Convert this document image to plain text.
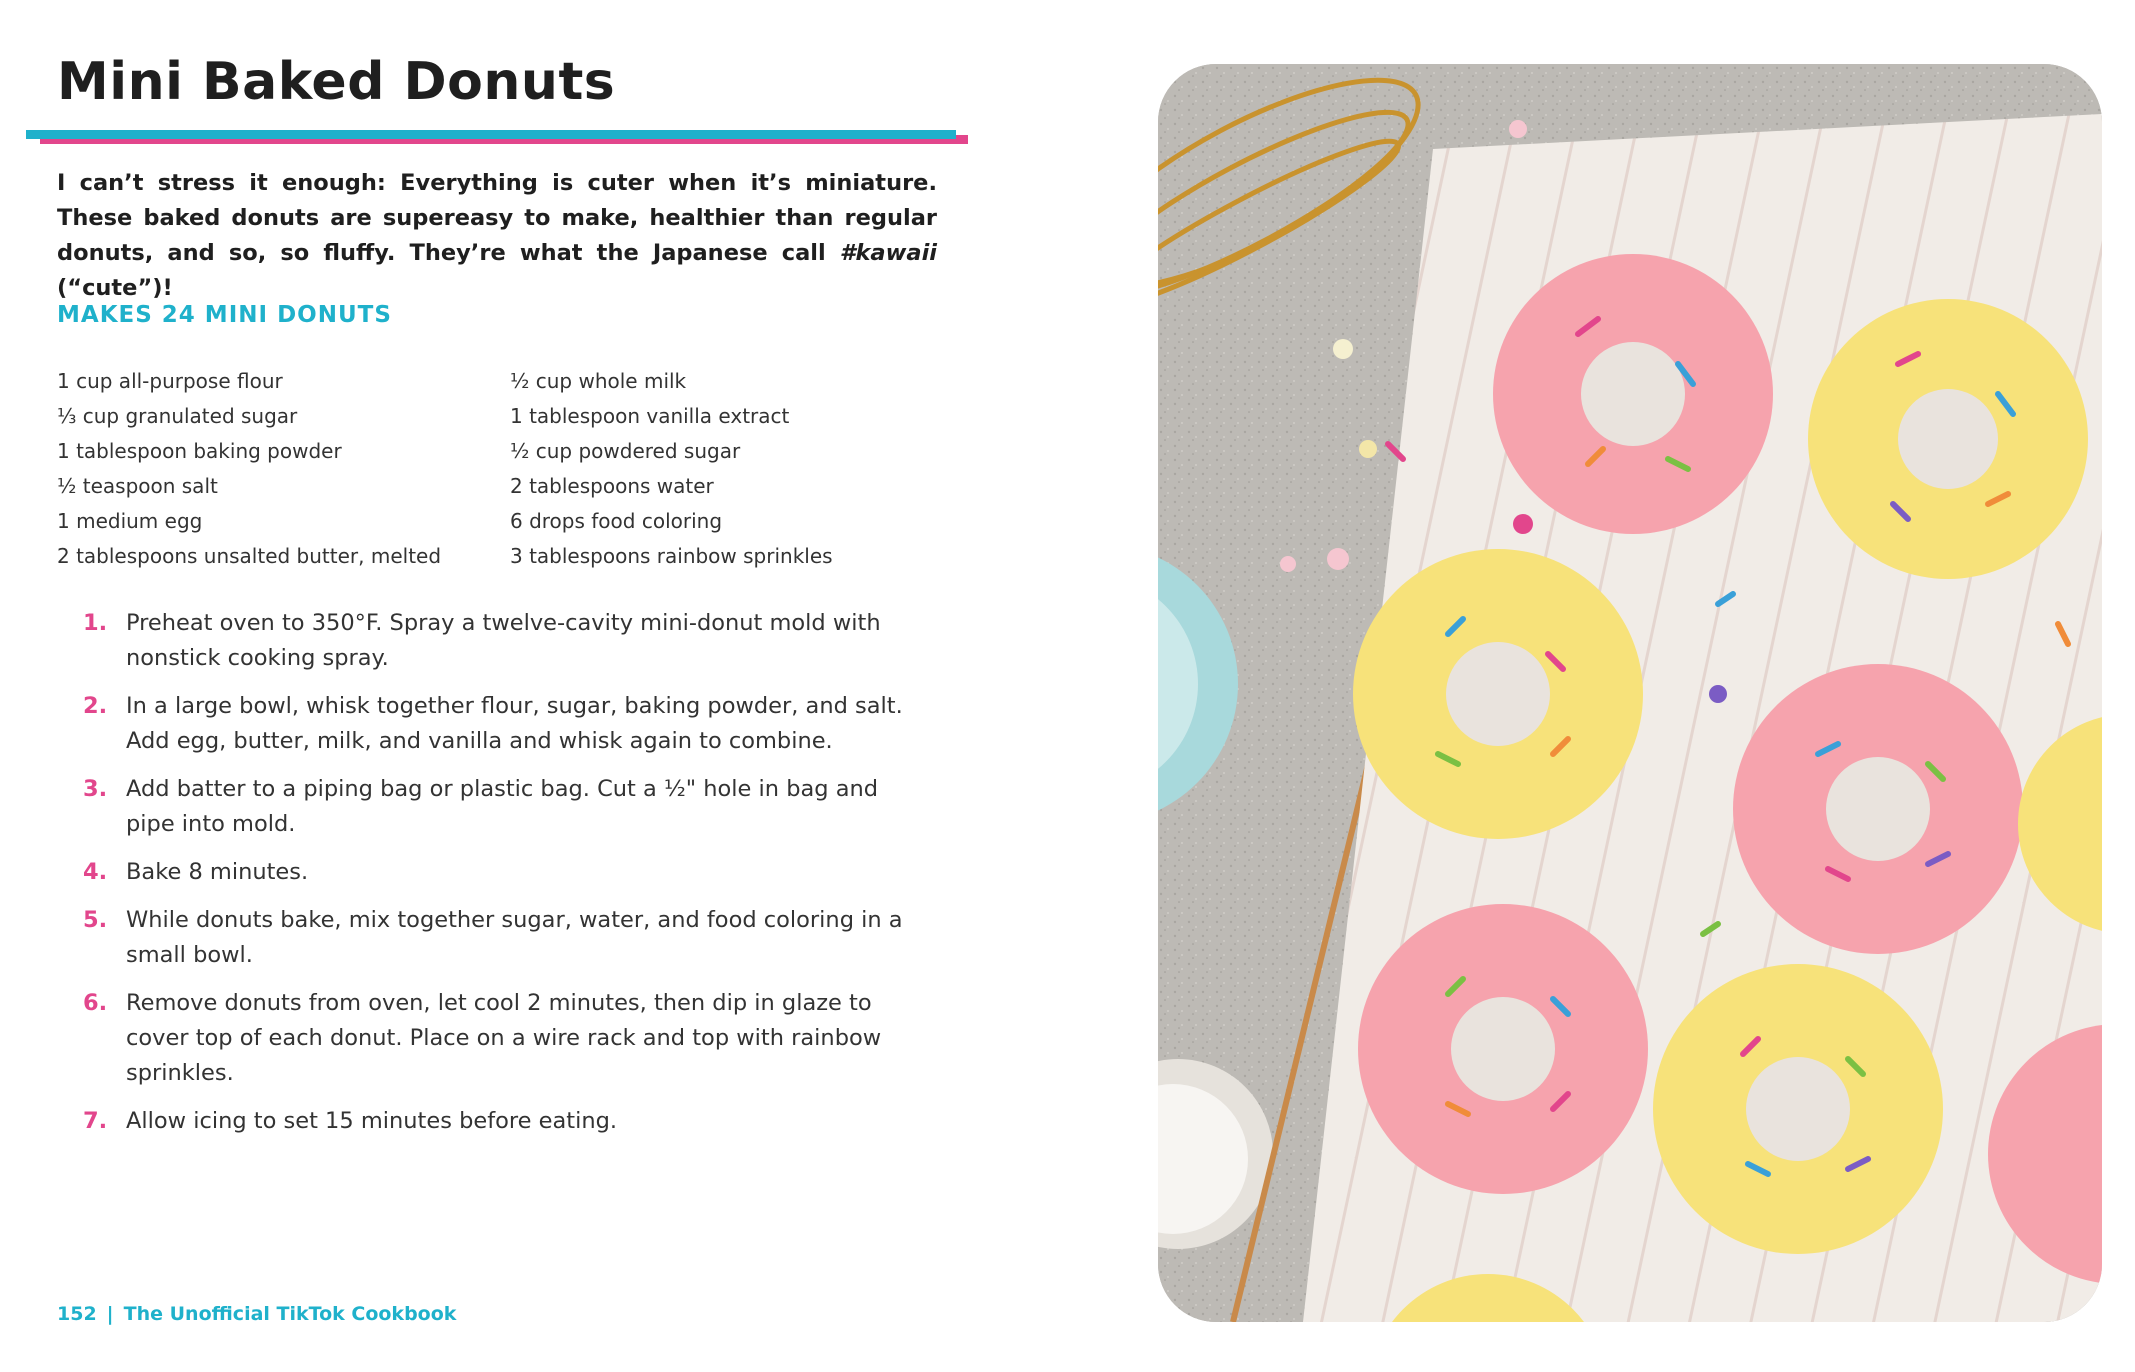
Mini Baked Donuts

I can’t stress it enough: Everything is cuter when it’s miniature. These baked donuts are supereasy to make, healthier than regular donuts, and so, so fluffy. They’re what the Japanese call #kawaii (“cute”)!

MAKES 24 MINI DONUTS

1 cup all-purpose flour
⅓ cup granulated sugar
1 tablespoon baking powder
½ teaspoon salt
1 medium egg
2 tablespoons unsalted butter, melted
½ cup whole milk
1 tablespoon vanilla extract
½ cup powdered sugar
2 tablespoons water
6 drops food coloring
3 tablespoons rainbow sprinkles
1. Preheat oven to 350°F. Spray a twelve-cavity mini-donut mold with nonstick cooking spray.
2. In a large bowl, whisk together flour, sugar, baking powder, and salt. Add egg, butter, milk, and vanilla and whisk again to combine.
3. Add batter to a piping bag or plastic bag. Cut a ½" hole in bag and pipe into mold.
4. Bake 8 minutes.
5. While donuts bake, mix together sugar, water, and food coloring in a small bowl.
6. Remove donuts from oven, let cool 2 minutes, then dip in glaze to cover top of each donut. Place on a wire rack and top with rainbow sprinkles.
7. Allow icing to set 15 minutes before eating.

152 | The Unofficial TikTok Cookbook
